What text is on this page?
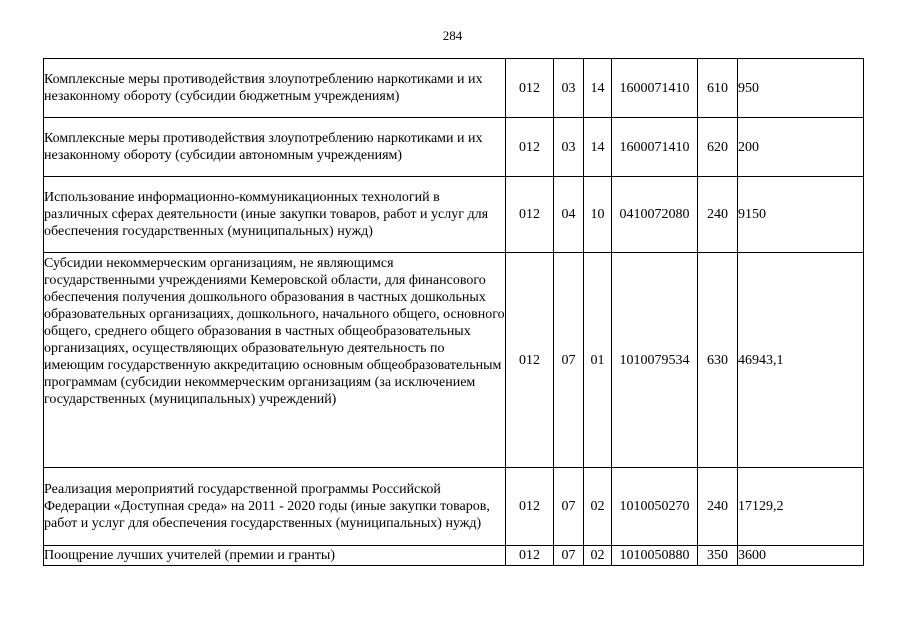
284
Комплексные меры противодействия злоупотреблению наркотиками и их незаконному обороту (субсидии бюджетным учреждениям)	012	03	14	1600071410	610	950
Комплексные меры противодействия злоупотреблению наркотиками и их незаконному обороту (субсидии автономным учреждениям)	012	03	14	1600071410	620	200
Использование информационно-коммуникационных технологий в различных сферах деятельности (иные закупки товаров, работ и услуг для обеспечения государственных (муниципальных) нужд)	012	04	10	0410072080	240	9150
Субсидии некоммерческим организациям, не являющимся государственными учреждениями Кемеровской области, для финансового обеспечения получения дошкольного образования в частных дошкольных образовательных организациях, дошкольного, начального общего, основного общего, среднего общего образования в частных общеобразовательных организациях, осуществляющих образовательную деятельность по имеющим государственную аккредитацию основным общеобразовательным программам (субсидии некоммерческим организациям (за исключением государственных (муниципальных) учреждений)	012	07	01	1010079534	630	46943,1
Реализация мероприятий государственной программы Российской Федерации «Доступная среда» на 2011 - 2020 годы (иные закупки товаров, работ и услуг для обеспечения государственных (муниципальных) нужд)	012	07	02	1010050270	240	17129,2
Поощрение лучших учителей (премии и гранты)	012	07	02	1010050880	350	3600
